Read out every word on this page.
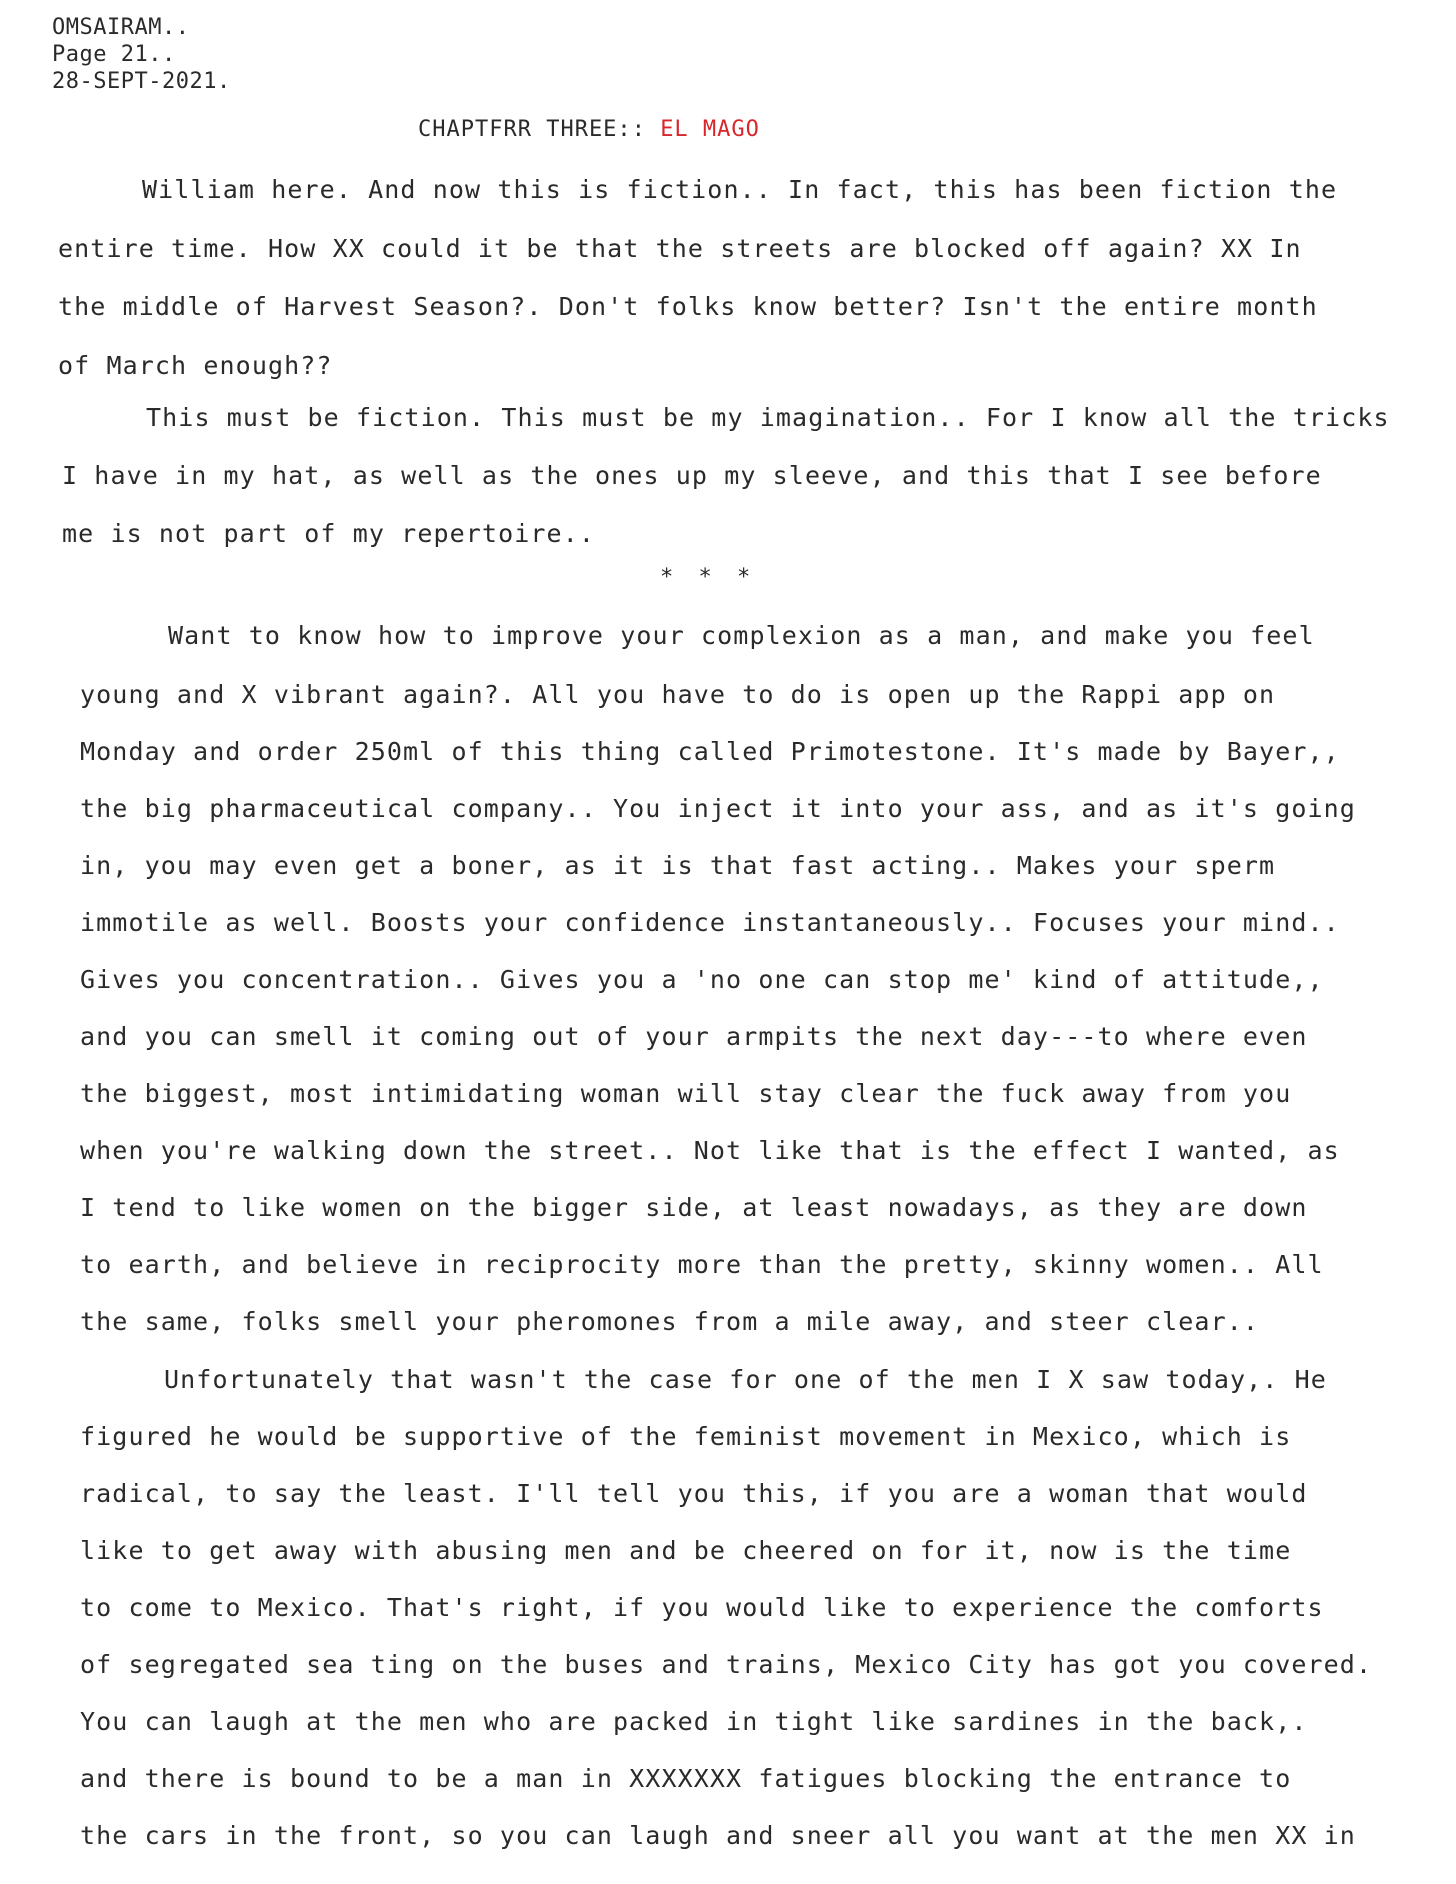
OMSAIRAM..
Page 21..
28-SEPT-2021.
CHAPTFRR THREE:: EL MAGO
William here. And now this is fiction.. In fact, this has been fiction the
entire time. How XX could it be that the streets are blocked off again? XX In
the middle of Harvest Season?. Don't folks know better? Isn't the entire month
of March enough??
This must be fiction. This must be my imagination.. For I know all the tricks
I have in my hat, as well as the ones up my sleeve, and this that I see before
me is not part of my repertoire..
* * *
Want to know how to improve your complexion as a man, and make you feel
young and X vibrant again?. All you have to do is open up the Rappi app on
Monday and order 250ml of this thing called Primotestone. It's made by Bayer,,
the big pharmaceutical company.. You inject it into your ass, and as it's going
in, you may even get a boner, as it is that fast acting.. Makes your sperm
immotile as well. Boosts your confidence instantaneously.. Focuses your mind..
Gives you concentration.. Gives you a 'no one can stop me' kind of attitude,,
and you can smell it coming out of your armpits the next day---to where even
the biggest, most intimidating woman will stay clear the fuck away from you
when you're walking down the street.. Not like that is the effect I wanted, as
I tend to like women on the bigger side, at least nowadays, as they are down
to earth, and believe in reciprocity more than the pretty, skinny women.. All
the same, folks smell your pheromones from a mile away, and steer clear..
Unfortunately that wasn't the case for one of the men I X saw today,. He
figured he would be supportive of the feminist movement in Mexico, which is
radical, to say the least. I'll tell you this, if you are a woman that would
like to get away with abusing men and be cheered on for it, now is the time
to come to Mexico. That's right, if you would like to experience the comforts
of segregated sea ting on the buses and trains, Mexico City has got you covered.
You can laugh at the men who are packed in tight like sardines in the back,.
and there is bound to be a man in XXXXXXX fatigues blocking the entrance to
the cars in the front, so you can laugh and sneer all you want at the men XX in
